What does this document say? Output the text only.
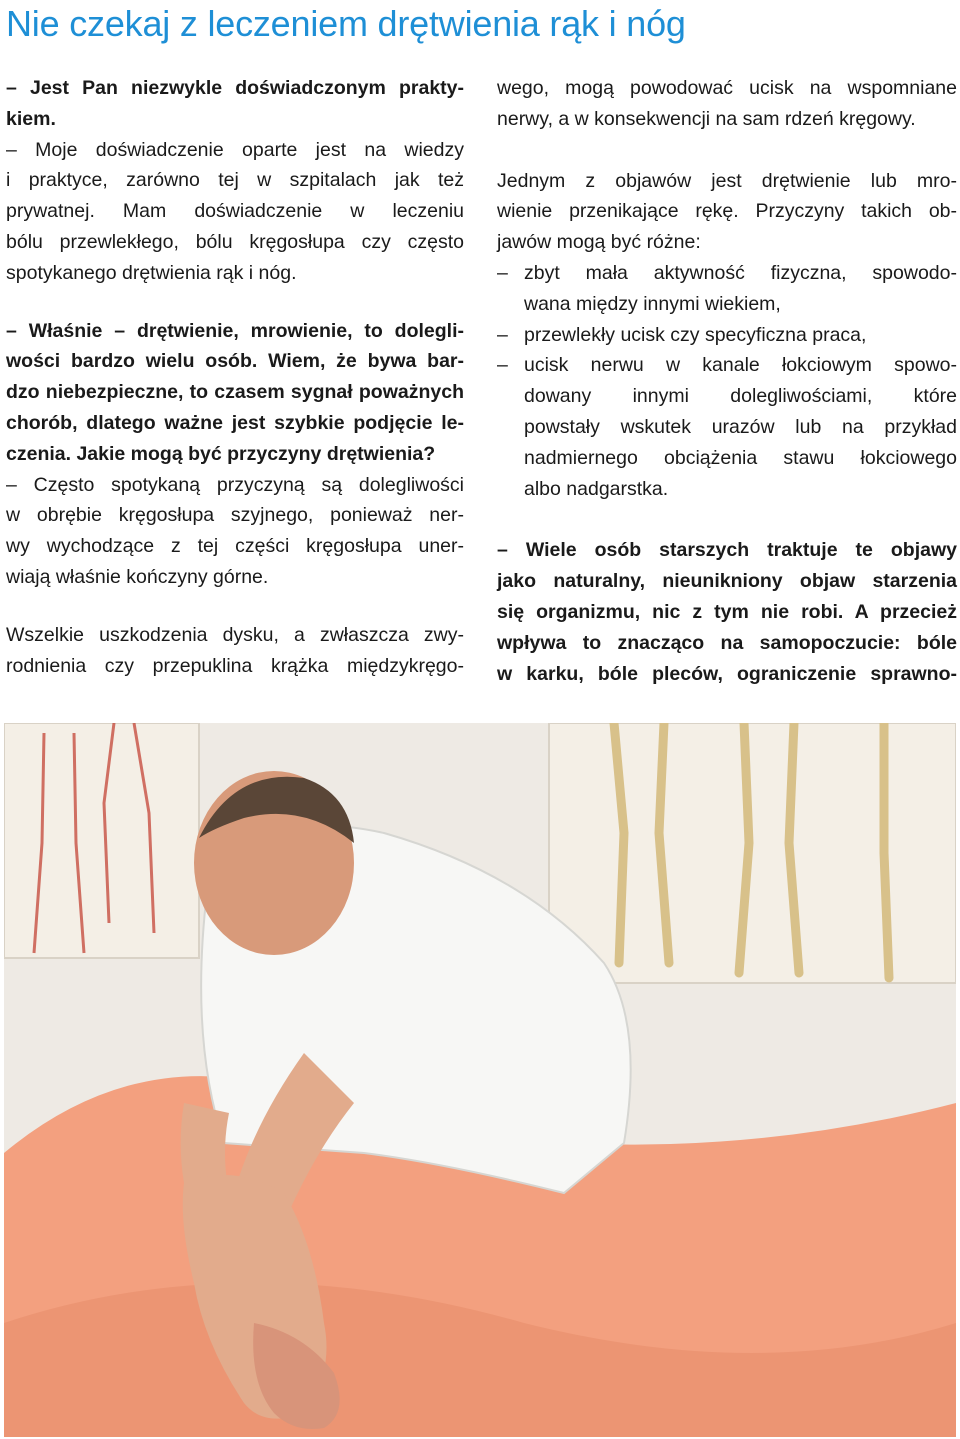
Nie czekaj z leczeniem drętwienia rąk i nóg

– Jest Pan niezwykle doświadczonym prakty-

kiem.

– Moje doświadczenie oparte jest na wiedzy

i praktyce, zarówno tej w szpitalach jak też

prywatnej. Mam doświadczenie w leczeniu

bólu przewlekłego, bólu kręgosłupa czy często

spotykanego drętwienia rąk i nóg.

– Właśnie – drętwienie, mrowienie, to dolegli-

wości bardzo wielu osób. Wiem, że bywa bar-

dzo niebezpieczne, to czasem sygnał poważnych

chorób, dlatego ważne jest szybkie podjęcie le-

czenia. Jakie mogą być przyczyny drętwienia?

– Często spotykaną przyczyną są dolegliwości

w obrębie kręgosłupa szyjnego, ponieważ ner-

wy wychodzące z tej części kręgosłupa uner-

wiają właśnie kończyny górne.

Wszelkie uszkodzenia dysku, a zwłaszcza zwy-

rodnienia czy przepuklina krążka międzykręgo-

wego, mogą powodować ucisk na wspomniane

nerwy, a w konsekwencji na sam rdzeń kręgowy.

Jednym z objawów jest drętwienie lub mro-

wienie przenikające rękę. Przyczyny takich ob-

jawów mogą być różne:

– zbyt mała aktywność fizyczna, spowodo-

wana między innymi wiekiem,

– przewlekły ucisk czy specyficzna praca,

– ucisk nerwu w kanale łokciowym spowo-

dowany innymi dolegliwościami, które

powstały wskutek urazów lub na przykład

nadmiernego obciążenia stawu łokciowego

albo nadgarstka.

– Wiele osób starszych traktuje te objawy

jako naturalny, nieunikniony objaw starzenia

się organizmu, nic z tym nie robi. A przecież

wpływa to znacząco na samopoczucie: bóle

w karku, bóle pleców, ograniczenie sprawno-
